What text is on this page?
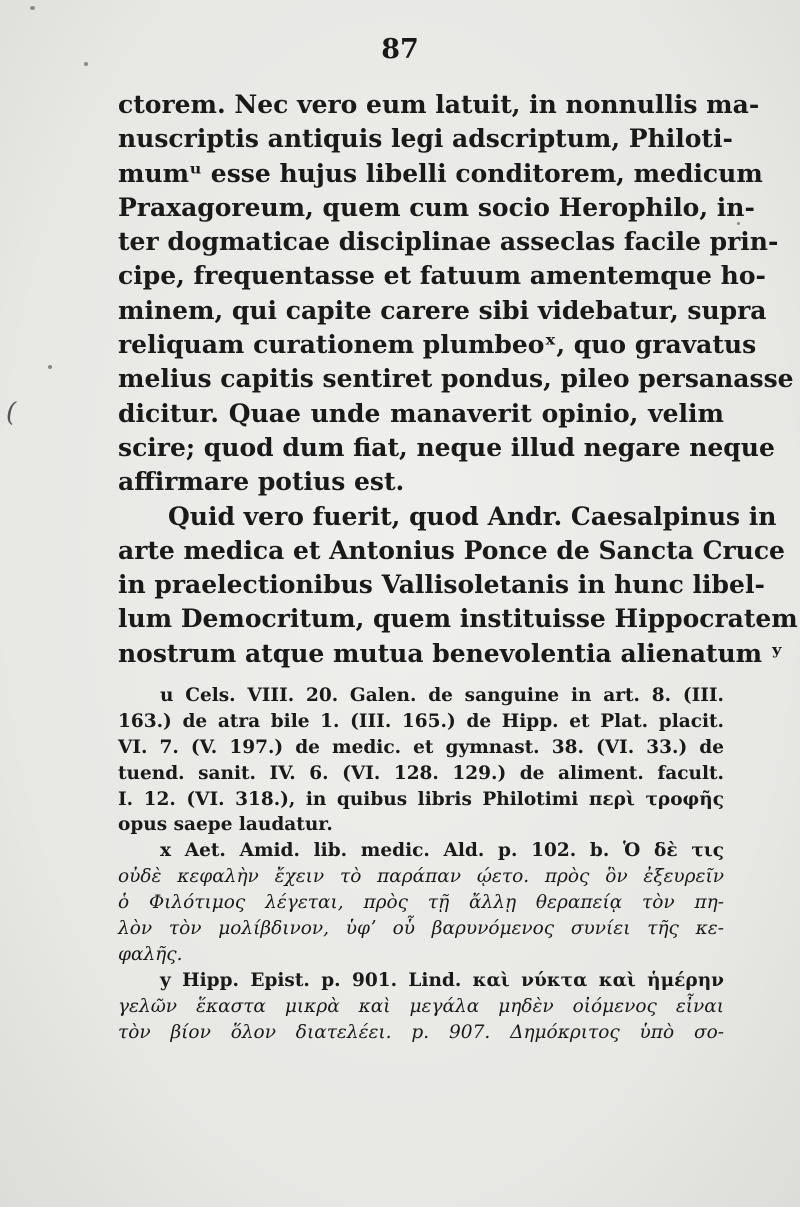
87
(
ctorem. Nec vero eum latuit, in nonnullis ma-
nuscriptis antiquis legi adscriptum, Philoti-
mumᵘ esse hujus libelli conditorem, medicum
Praxagoreum, quem cum socio Herophilo, in-
ter dogmaticae disciplinae asseclas facile prin-
cipe, frequentasse et fatuum amentemque ho-
minem, qui capite carere sibi videbatur, supra
reliquam curationem plumbeoˣ, quo gravatus
melius capitis sentiret pondus, pileo persanasse
dicitur. Quae unde manaverit opinio, velim
scire; quod dum fiat, neque illud negare neque
affirmare potius est.
Quid vero fuerit, quod Andr. Caesalpinus in
arte medica et Antonius Ponce de Sancta Cruce
in praelectionibus Vallisoletanis in hunc libel-
lum Democritum, quem instituisse Hippocratem
nostrum atque mutua benevolentia alienatum ʸ
u Cels. VIII. 20. Galen. de sanguine in art. 8. (III.
163.) de atra bile 1. (III. 165.) de Hipp. et Plat. placit.
VI. 7. (V. 197.) de medic. et gymnast. 38. (VI. 33.) de
tuend. sanit. IV. 6. (VI. 128. 129.) de aliment. facult.
I. 12. (VI. 318.), in quibus libris Philotimi περὶ τροφῆς
opus saepe laudatur.
x Aet. Amid. lib. medic. Ald. p. 102. b. Ὁ δὲ τις
οὐδὲ κεφαλὴν ἔχειν τὸ παράπαν ῴετο. πρὸς ὃν ἐξευρεῖν
ὁ Φιλότιμος λέγεται, πρὸς τῇ ἄλλῃ θεραπείᾳ τὸν πη-
λὸν τὸν μολίβδινον, ὑφʼ οὗ βαρυνόμενος συνίει τῆς κε-
φαλῆς.
y Hipp. Epist. p. 901. Lind. καὶ νύκτα καὶ ἡμέρην
γελῶν ἕκαστα μικρὰ καὶ μεγάλα μηδὲν οἰόμενος εἶναι
τὸν βίον ὅλον διατελέει. p. 907. Δημόκριτος ὑπὸ σο-
